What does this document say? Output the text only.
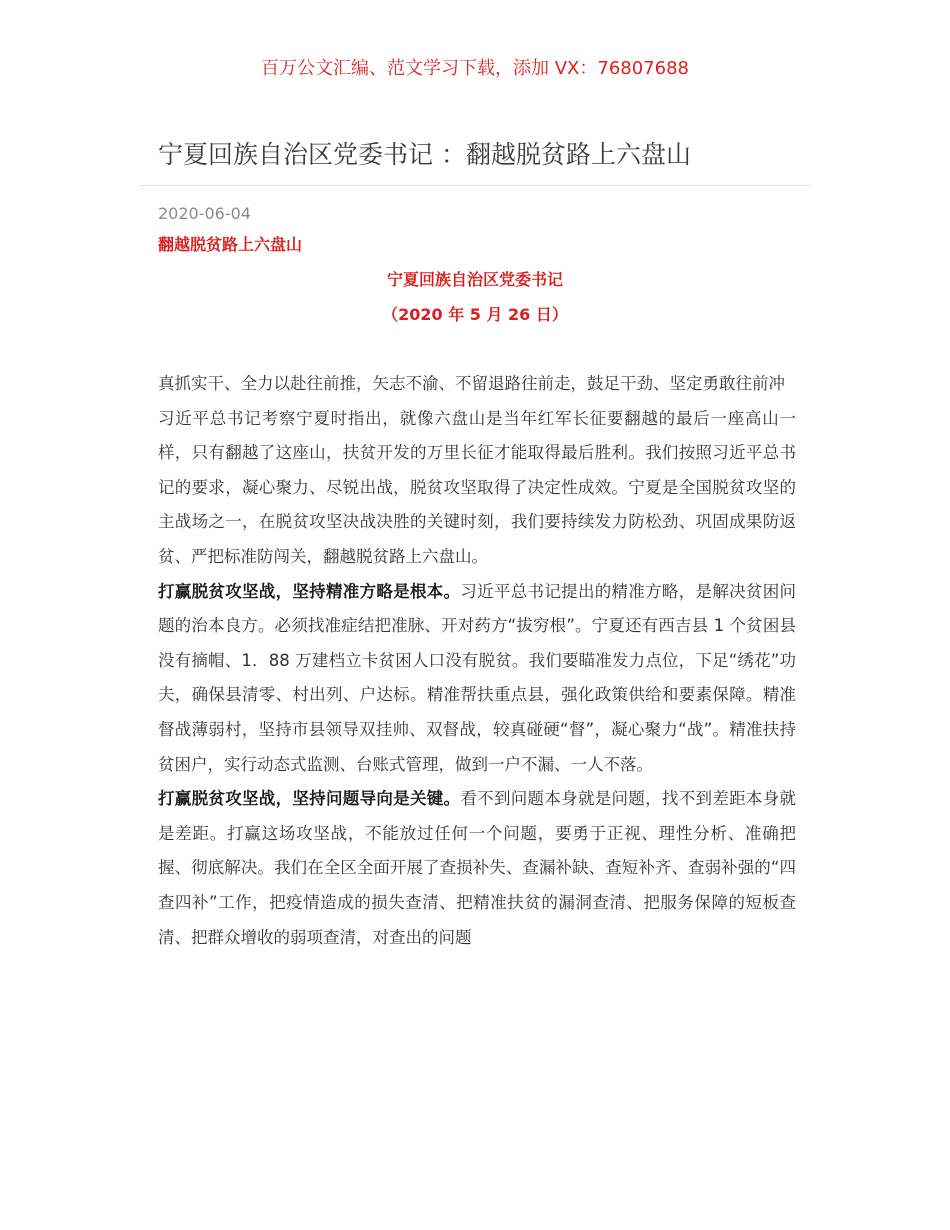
百万公文汇编、范文学习下载，添加 VX：76807688
宁夏回族自治区党委书记 ：翻越脱贫路上六盘山
2020-06-04
翻越脱贫路上六盘山
宁夏回族自治区党委书记
（2020 年 5 月 26 日）

真抓实干、全力以赴往前推，矢志不渝、不留退路往前走，鼓足干劲、坚定勇敢往前冲

习近平总书记考察宁夏时指出，就像六盘山是当年红军长征要翻越的最后一座高山一样，只有翻越了这座山，扶贫开发的万里长征才能取得最后胜利。我们按照习近平总书记的要求，凝心聚力、尽锐出战，脱贫攻坚取得了决定性成效。宁夏是全国脱贫攻坚的主战场之一，在脱贫攻坚决战决胜的关键时刻，我们要持续发力防松劲、巩固成果防返贫、严把标准防闯关，翻越脱贫路上六盘山。

打赢脱贫攻坚战，坚持精准方略是根本。习近平总书记提出的精准方略，是解决贫困问题的治本良方。必须找准症结把准脉、开对药方“拔穷根”。宁夏还有西吉县 1 个贫困县没有摘帽、1．88 万建档立卡贫困人口没有脱贫。我们要瞄准发力点位，下足“绣花”功夫，确保县清零、村出列、户达标。精准帮扶重点县，强化政策供给和要素保障。精准督战薄弱村，坚持市县领导双挂帅、双督战，较真碰硬“督”，凝心聚力“战”。精准扶持贫困户，实行动态式监测、台账式管理，做到一户不漏、一人不落。

打赢脱贫攻坚战，坚持问题导向是关键。看不到问题本身就是问题，找不到差距本身就是差距。打赢这场攻坚战，不能放过任何一个问题，要勇于正视、理性分析、准确把握、彻底解决。我们在全区全面开展了查损补失、查漏补缺、查短补齐、查弱补强的“四查四补”工作，把疫情造成的损失查清、把精准扶贫的漏洞查清、把服务保障的短板查清、把群众增收的弱项查清，对查出的问题
